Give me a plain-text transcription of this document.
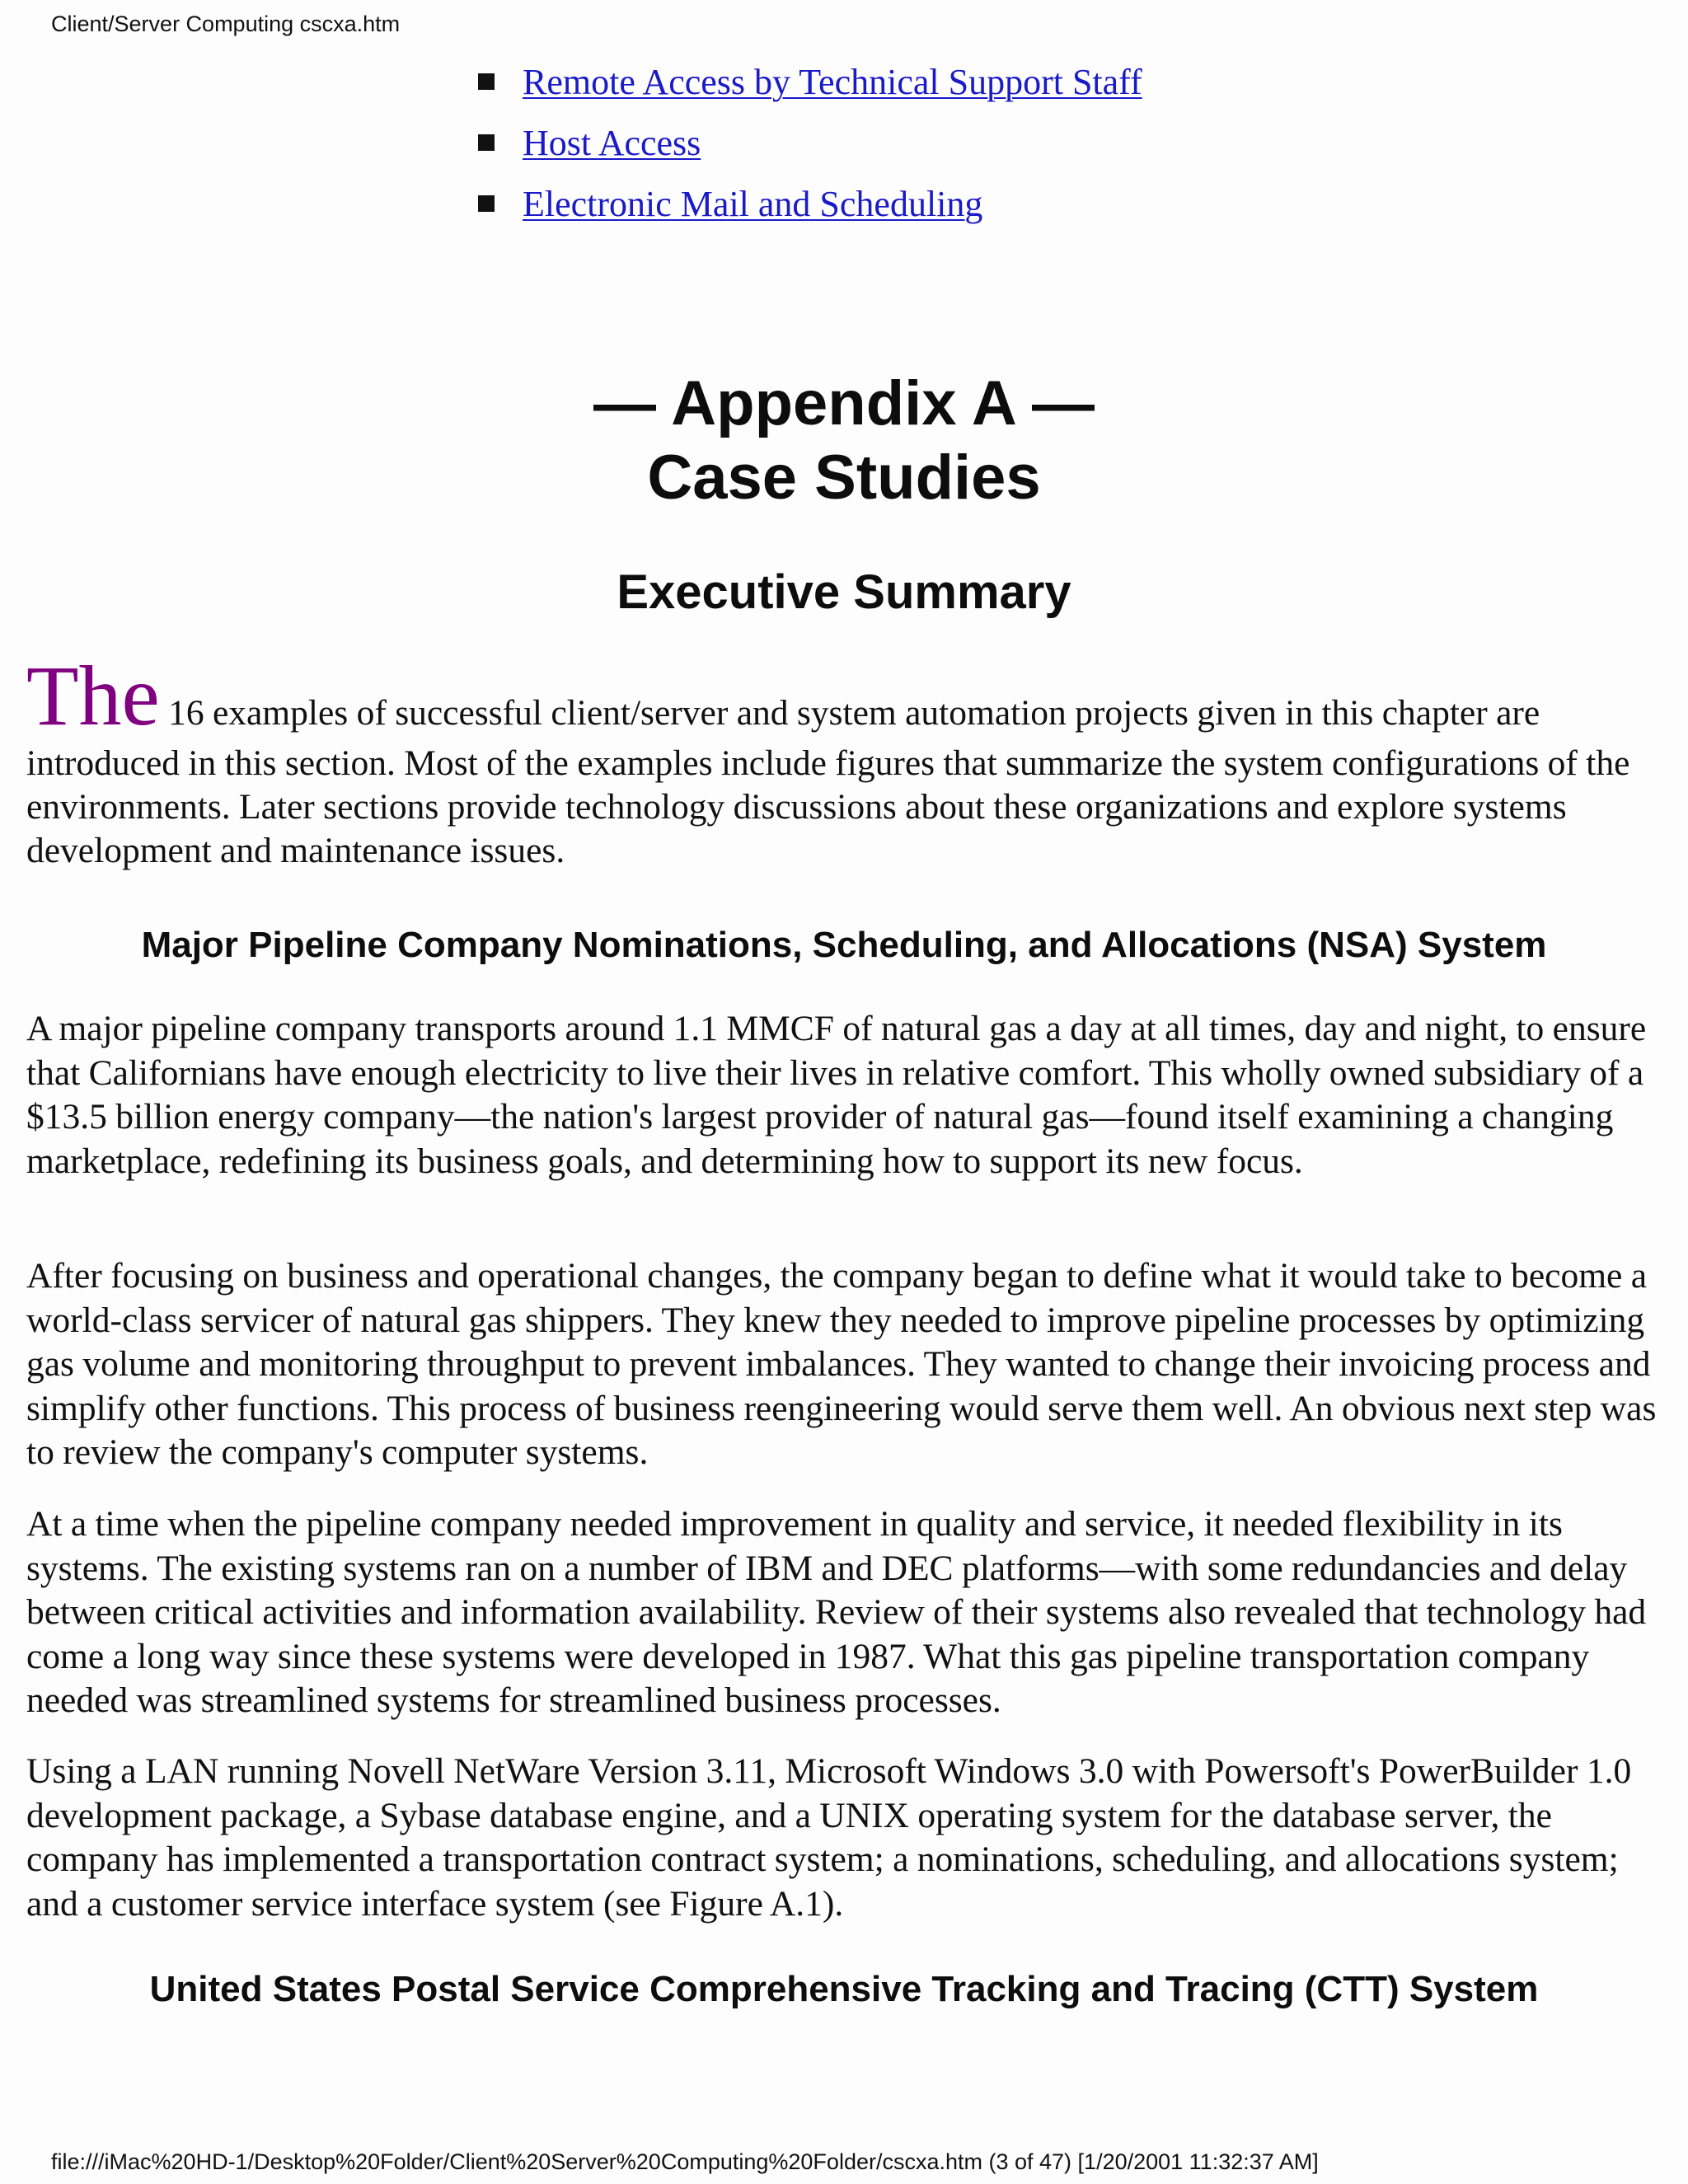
Client/Server Computing cscxa.htm
Remote Access by Technical Support Staff
Host Access
Electronic Mail and Scheduling
— Appendix A —
Case Studies
Executive Summary

The 16 examples of successful client/server and system automation projects given in this chapter are
introduced in this section. Most of the examples include figures that summarize the system configurations of the environments. Later sections provide technology discussions about these organizations and explore systems development and maintenance issues.

Major Pipeline Company Nominations, Scheduling, and Allocations (NSA) System

A major pipeline company transports around 1.1 MMCF of natural gas a day at all times, day and night, to ensure that Californians have enough electricity to live their lives in relative comfort. This wholly owned subsidiary of a $13.5 billion energy company—the nation's largest provider of natural gas—found itself examining a changing marketplace, redefining its business goals, and determining how to support its new focus.

After focusing on business and operational changes, the company began to define what it would take to become a world-class servicer of natural gas shippers. They knew they needed to improve pipeline processes by optimizing gas volume and monitoring throughput to prevent imbalances. They wanted to change their invoicing process and simplify other functions. This process of business reengineering would serve them well. An obvious next step was to review the company's computer systems.

At a time when the pipeline company needed improvement in quality and service, it needed flexibility in its systems. The existing systems ran on a number of IBM and DEC platforms—with some redundancies and delay between critical activities and information availability. Review of their systems also revealed that technology had come a long way since these systems were developed in 1987. What this gas pipeline transportation company needed was streamlined systems for streamlined business processes.

Using a LAN running Novell NetWare Version 3.11, Microsoft Windows 3.0 with Powersoft's PowerBuilder 1.0 development package, a Sybase database engine, and a UNIX operating system for the database server, the company has implemented a transportation contract system; a nominations, scheduling, and allocations system; and a customer service interface system (see Figure A.1).

United States Postal Service Comprehensive Tracking and Tracing (CTT) System
file:///iMac%20HD-1/Desktop%20Folder/Client%20Server%20Computing%20Folder/cscxa.htm (3 of 47) [1/20/2001 11:32:37 AM]
